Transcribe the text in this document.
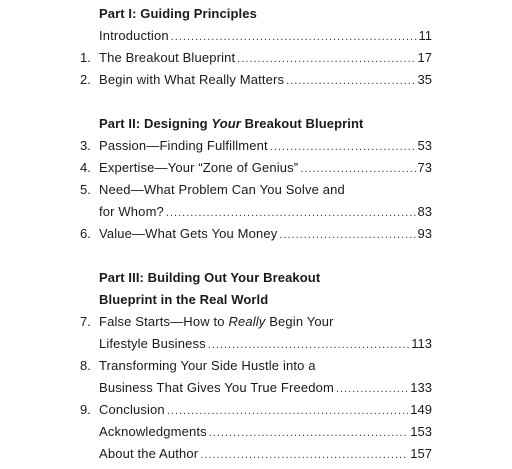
Part I: Guiding Principles
Introduction .....	11
1. The Breakout Blueprint .....	17
2. Begin with What Really Matters .....	35
Part II: Designing Your Breakout Blueprint
3. Passion—Finding Fulfillment .....	53
4. Expertise—Your “Zone of Genius” .....	73
5. Need—What Problem Can You Solve and
for Whom? .....	83
6. Value—What Gets You Money .....	93
Part III: Building Out Your Breakout
Blueprint in the Real World
7. False Starts—How to Really Begin Your
Lifestyle Business .....	113
8. Transforming Your Side Hustle into a
Business That Gives You True Freedom .....	133
9. Conclusion .....	149
Acknowledgments .....	153
About the Author .....	157
